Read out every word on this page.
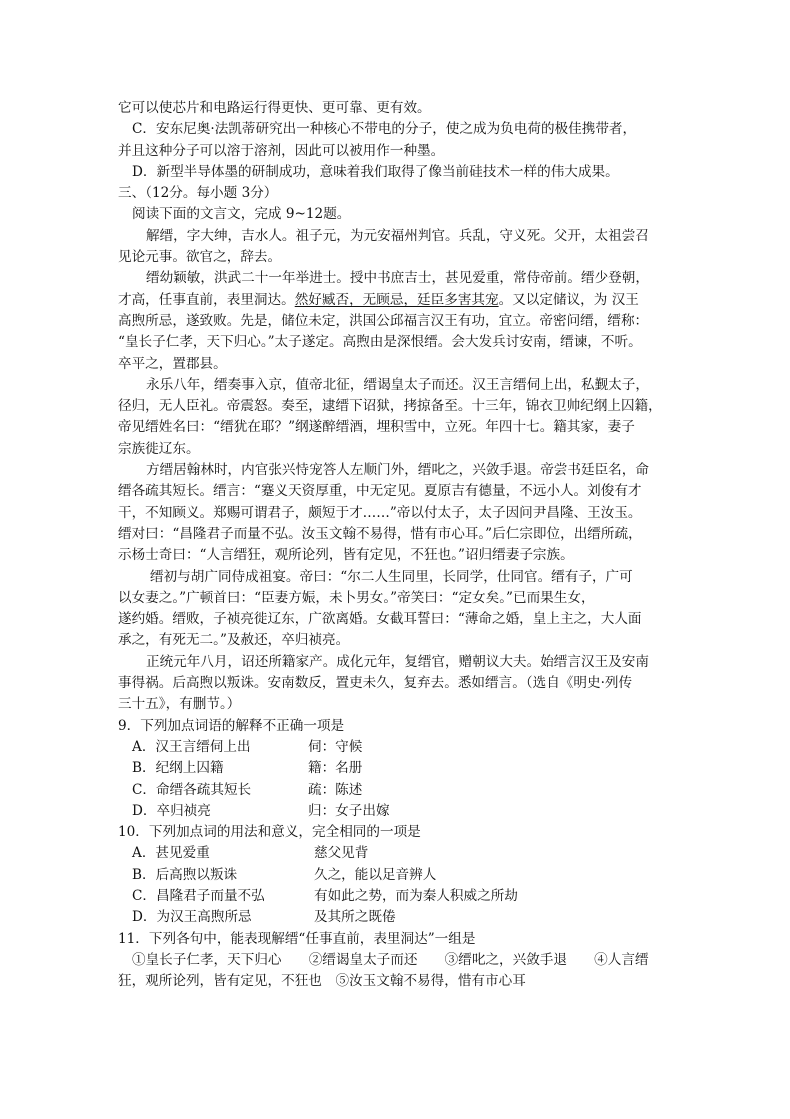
它可以使芯片和电路运行得更快、更可靠、更有效。
C．安东尼奥·法凯蒂研究出一种核心不带电的分子，使之成为负电荷的极佳携带者，
并且这种分子可以溶于溶剂，因此可以被用作一种墨。
D．新型半导体墨的研制成功，意味着我们取得了像当前硅技术一样的伟大成果。
三、（12分。每小题 3分）
阅读下面的文言文，完成 9~12题。
解缙，字大绅，吉水人。祖子元，为元安福州判官。兵乱，守义死。父开，太祖尝召
见论元事。欲官之，辞去。
缙幼颖敏，洪武二十一年举进士。授中书庶吉士，甚见爱重，常侍帝前。缙少登朝，
才高，任事直前，表里洞达。然好臧否，无顾忌，廷臣多害其宠。又以定储议，为 汉王
高煦所忌，遂致败。先是，储位未定，洪国公邱福言汉王有功，宜立。帝密问缙，缙称：
“皇长子仁孝，天下归心。”太子遂定。高煦由是深恨缙。会大发兵讨安南，缙谏，不听。
卒平之，置郡县。
永乐八年，缙奏事入京，值帝北征，缙谒皇太子而还。汉王言缙伺上出，私觐太子，
径归，无人臣礼。帝震怒。奏至，逮缙下诏狱，拷掠备至。十三年，锦衣卫帅纪纲上囚籍，
帝见缙姓名曰：“缙犹在耶？”纲遂醉缙酒，埋积雪中，立死。年四十七。籍其家，妻子
宗族徙辽东。
方缙居翰林时，内官张兴恃宠答人左顺门外，缙叱之，兴敛手退。帝尝书廷臣名，命
缙各疏其短长。缙言：“蹇义天资厚重，中无定见。夏原吉有德量，不远小人。刘俊有才
干，不知顾义。郑赐可谓君子，颇短于才……”帝以付太子，太子因问尹昌隆、王汝玉。
缙对曰：“昌隆君子而量不弘。汝玉文翰不易得，惜有市心耳。”后仁宗即位，出缙所疏，
示杨士奇曰：“人言缙狂，观所论列，皆有定见，不狂也。”诏归缙妻子宗族。
缙初与胡广同侍成祖宴。帝曰：“尔二人生同里，长同学，仕同官。缙有子，广可
以女妻之。”广顿首曰：“臣妻方娠，未卜男女。”帝笑曰：“定女矣。”已而果生女，
遂约婚。缙败，子祯亮徙辽东，广欲离婚。女截耳誓曰：“薄命之婚，皇上主之，大人面
承之，有死无二。”及赦还，卒归祯亮。
正统元年八月，诏还所籍家产。成化元年，复缙官，赠朝议大夫。始缙言汉王及安南
事得祸。后高煦以叛诛。安南数反，置吏未久，复弃去。悉如缙言。（选自《明史·列传
三十五》，有删节。）
9．下列加点词语的解释不正确一项是
A．汉王言缙伺上出	伺：守候
B．纪纲上囚籍	籍：名册
C．命缙各疏其短长	疏：陈述
D．卒归祯亮	归：女子出嫁
10．下列加点词的用法和意义，完全相同的一项是
A．甚见爱重	慈父见背
B．后高煦以叛诛	久之，能以足音辨人
C．昌隆君子而量不弘	有如此之势，而为秦人积威之所劫
D．为汉王高煦所忌	及其所之既倦
11．下列各句中，能表现解缙“任事直前，表里洞达”一组是
①皇长子仁孝，天下归心　　②缙谒皇太子而还　　③缙叱之，兴敛手退　　④人言缙
狂，观所论列，皆有定见，不狂也　⑤汝玉文翰不易得，惜有市心耳
